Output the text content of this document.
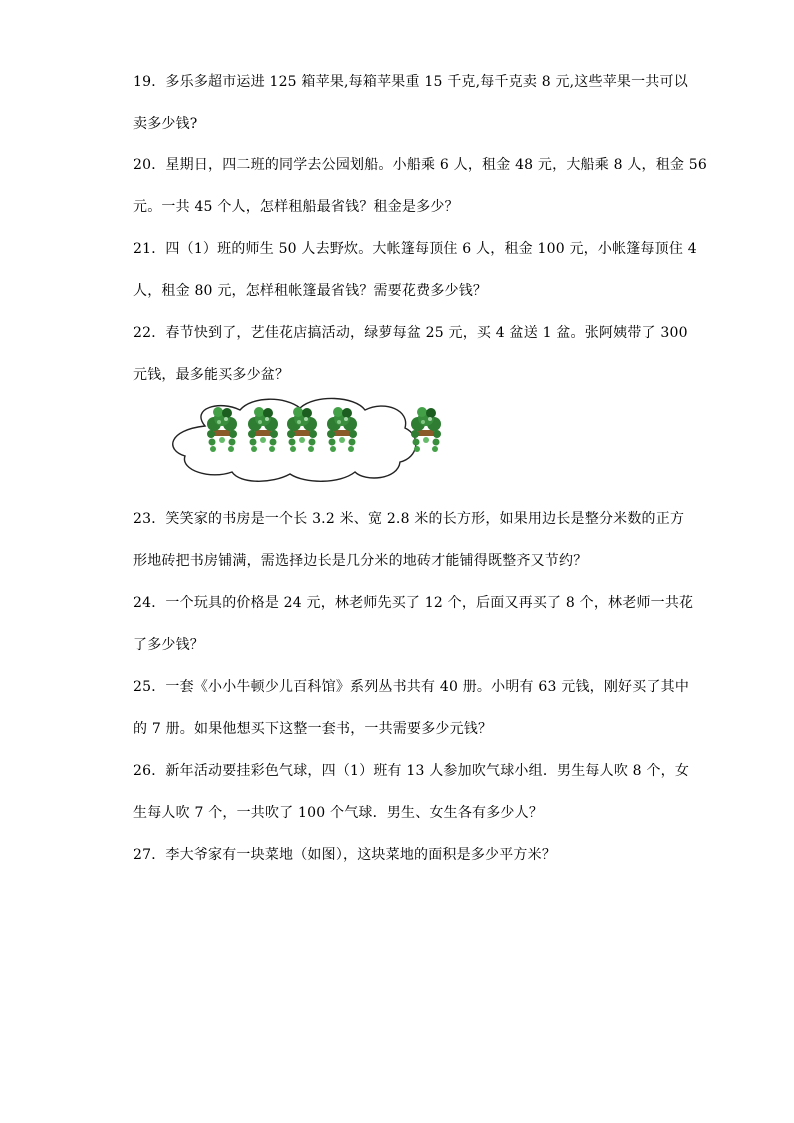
19．多乐多超市运进 125 箱苹果,每箱苹果重 15 千克,每千克卖 8 元,这些苹果一共可以
卖多少钱?
20．星期日，四二班的同学去公园划船。小船乘 6 人，租金 48 元，大船乘 8 人，租金 56
元。一共 45 个人，怎样租船最省钱？租金是多少？
21．四（1）班的师生 50 人去野炊。大帐篷每顶住 6 人，租金 100 元，小帐篷每顶住 4
人，租金 80 元，怎样租帐篷最省钱？需要花费多少钱？
22．春节快到了，艺佳花店搞活动，绿萝每盆 25 元，买 4 盆送 1 盆。张阿姨带了 300
元钱，最多能买多少盆？
23．笑笑家的书房是一个长 3.2 米、宽 2.8 米的长方形，如果用边长是整分米数的正方
形地砖把书房铺满，需选择边长是几分米的地砖才能铺得既整齐又节约？
24．一个玩具的价格是 24 元，林老师先买了 12 个，后面又再买了 8 个，林老师一共花
了多少钱？
25．一套《小小牛顿少儿百科馆》系列丛书共有 40 册。小明有 63 元钱，刚好买了其中
的 7 册。如果他想买下这整一套书，一共需要多少元钱？
26．新年活动要挂彩色气球，四（1）班有 13 人参加吹气球小组．男生每人吹 8 个，女
生每人吹 7 个，一共吹了 100 个气球．男生、女生各有多少人？
27．李大爷家有一块菜地（如图），这块菜地的面积是多少平方米？
